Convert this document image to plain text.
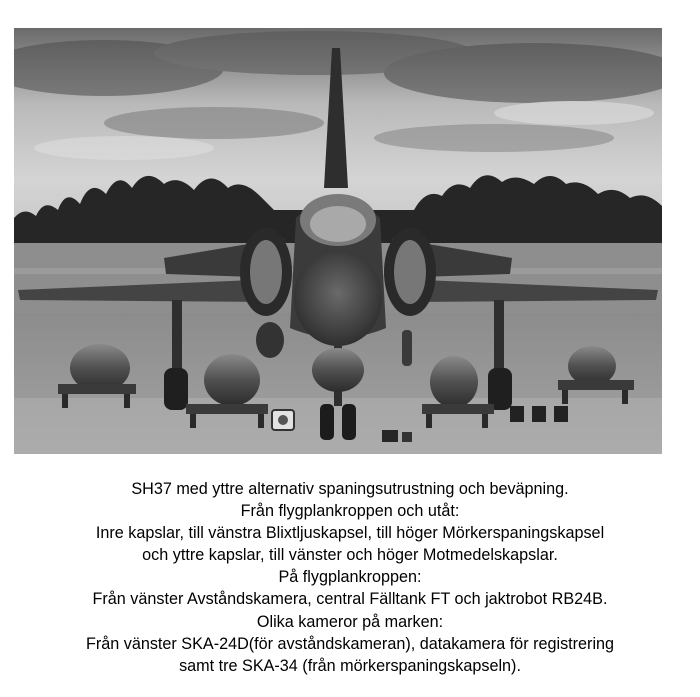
SH37 med yttre alternativ spaningsutrustning och beväpning.
Från flygplankroppen och utåt:
Inre kapslar, till vänstra Blixtljuskapsel, till höger Mörkerspaningskapsel
och yttre kapslar, till vänster och höger Motmedelskapslar.
På flygplankroppen:
Från vänster Avståndskamera, central Fälltank FT och jaktrobot RB24B.
Olika kameror på marken:
Från vänster SKA-24D(för avståndskameran), datakamera för registrering
samt tre SKA-34 (från mörkerspaningskapseln).
